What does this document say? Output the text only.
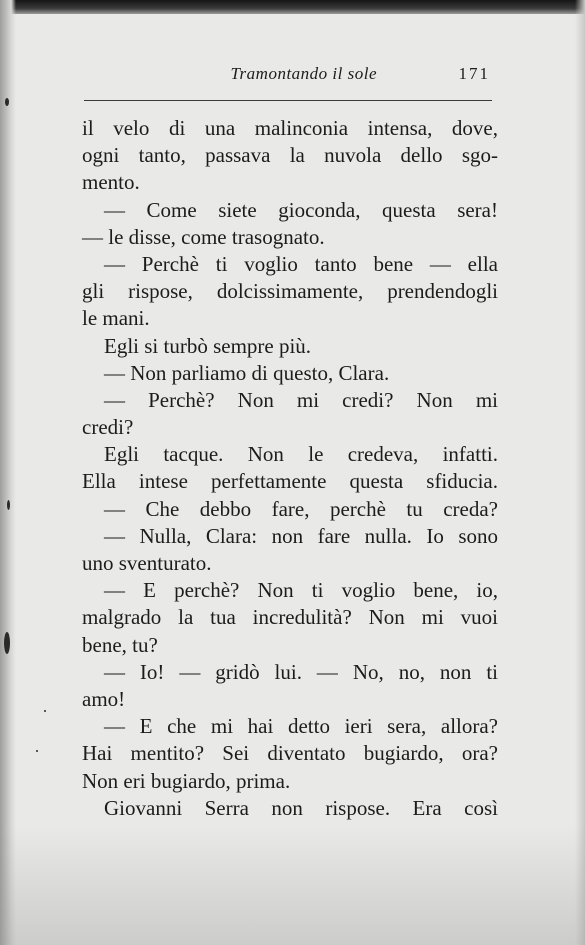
Tramontando il sole	171
il velo di una malinconia intensa, dove,
ogni tanto, passava la nuvola dello sgo-
mento.
— Come siete gioconda, questa sera!
— le disse, come trasognato.
— Perchè ti voglio tanto bene — ella
gli rispose, dolcissimamente, prendendogli
le mani.
Egli si turbò sempre più.
— Non parliamo di questo, Clara.
— Perchè? Non mi credi? Non mi
credi?
Egli tacque. Non le credeva, infatti.
Ella intese perfettamente questa sfiducia.
— Che debbo fare, perchè tu creda?
— Nulla, Clara: non fare nulla. Io sono
uno sventurato.
— E perchè? Non ti voglio bene, io,
malgrado la tua incredulità? Non mi vuoi
bene, tu?
— Io! — gridò lui. — No, no, non ti
amo!
— E che mi hai detto ieri sera, allora?
Hai mentito? Sei diventato bugiardo, ora?
Non eri bugiardo, prima.
Giovanni Serra non rispose. Era così
